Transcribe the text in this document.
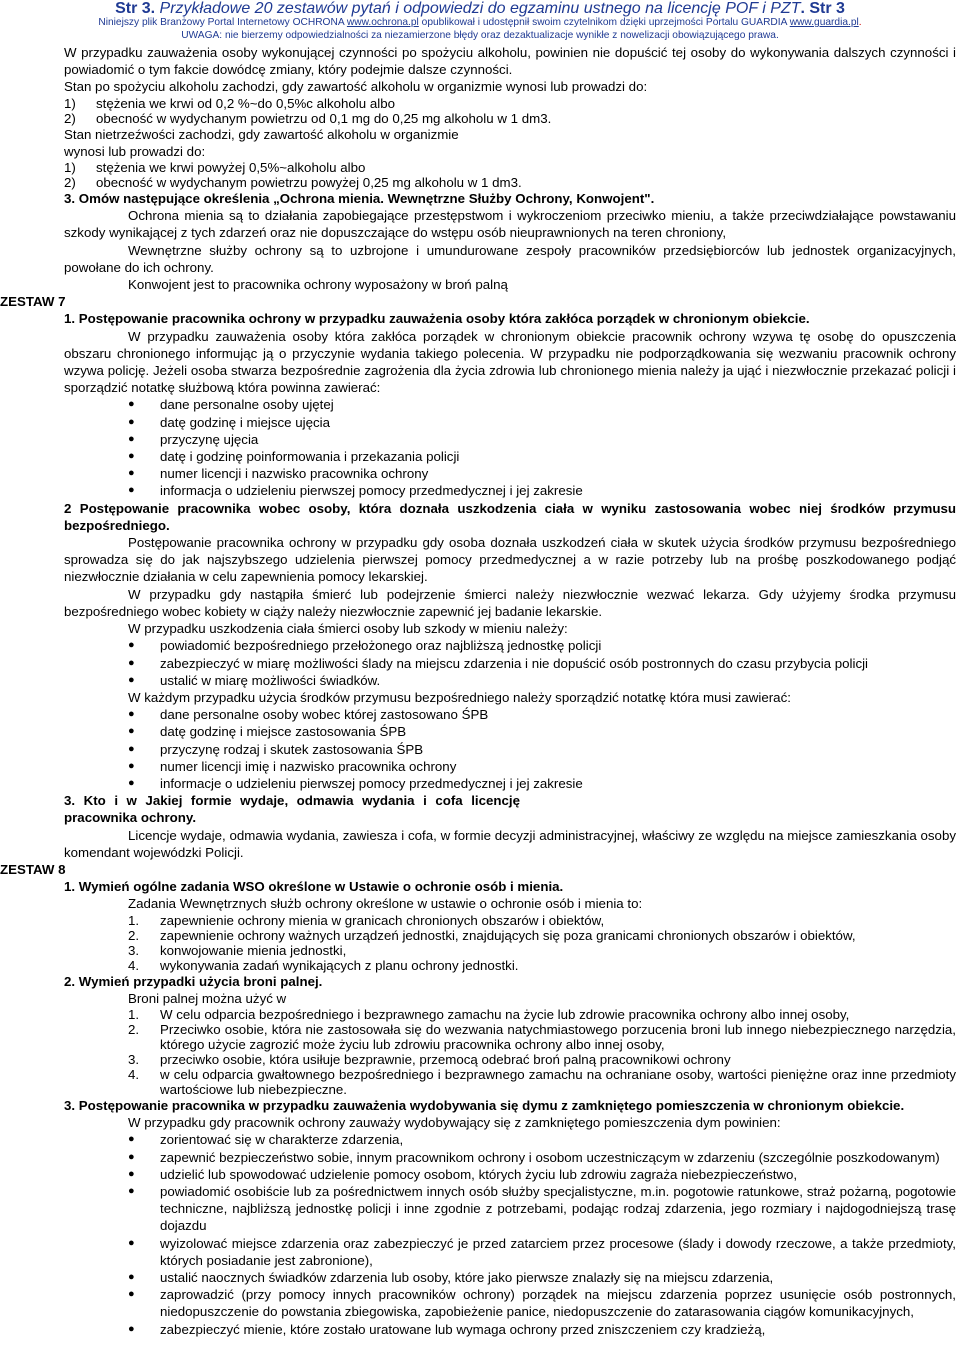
Str 3. Przykładowe 20 zestawów pytań i odpowiedzi do egzaminu ustnego na licencję POF i PZT. Str 3
Niniejszy plik Branżowy Portal Internetowy OCHRONA www.ochrona.pl opublikował i udostępnił swoim czytelnikom dzięki uprzejmości Portalu GUARDIA www.guardia.pl.
UWAGA: nie bierzemy odpowiedzialności za niezamierzone błędy oraz dezaktualizacje wynikłe z nowelizacji obowiązującego prawa.

W przypadku zauważenia osoby wykonującej czynności po spożyciu alkoholu, powinien nie dopuścić tej osoby do wykonywania dalszych czynności i powiadomić o tym fakcie dowódcę zmiany, który podejmie dalsze czynności.

Stan po spożyciu alkoholu zachodzi, gdy zawartość alkoholu w organizmie wynosi lub prowadzi do:

1)	stężenia we krwi od 0,2 %~do 0,5%c alkoholu albo
2)	obecność w wydychanym powietrzu od 0,1 mg do 0,25 mg alkoholu w 1 dm3.

Stan nietrzeźwości zachodzi, gdy zawartość alkoholu w organizmie

wynosi lub prowadzi do:

1)	stężenia we krwi powyżej 0,5%~alkoholu albo
2)	obecność w wydychanym powietrzu powyżej 0,25 mg alkoholu w 1 dm3.

3. Omów następujące określenia „Ochrona mienia. Wewnętrzne Służby Ochrony, Konwojent".

Ochrona mienia są to działania zapobiegające przestępstwom i wykroczeniom przeciwko mieniu, a także przeciwdziałające powstawaniu szkody wynikającej z tych zdarzeń oraz nie dopuszczające do wstępu osób nieuprawnionych na teren chroniony,

Wewnętrzne służby ochrony są to uzbrojone i umundurowane zespoły pracowników przedsiębiorców lub jednostek organizacyjnych, powołane do ich ochrony.

Konwojent jest to pracownika ochrony wyposażony w broń palną

ZESTAW 7

1. Postępowanie pracownika ochrony w przypadku zauważenia osoby która zakłóca porządek w chronionym obiekcie.

W przypadku zauważenia osoby która zakłóca porządek w chronionym obiekcie pracownik ochrony wzywa tę osobę do opuszczenia obszaru chronionego informując ją o przyczynie wydania takiego polecenia. W przypadku nie podporządkowania się wezwaniu pracownik ochrony wzywa policję. Jeżeli osoba stwarza bezpośrednie zagrożenia dla życia zdrowia lub chronionego mienia należy ja ująć i niezwłocznie przekazać policji i sporządzić notatkę służbową która powinna zawierać:

● dane personalne osoby ujętej
● datę godzinę i miejsce ujęcia
● przyczynę ujęcia
● datę i godzinę poinformowania i przekazania policji
● numer licencji i nazwisko pracownika ochrony
● informacja o udzieleniu pierwszej pomocy przedmedycznej i jej zakresie

2 Postępowanie pracownika wobec osoby, która doznała uszkodzenia ciała w wyniku zastosowania wobec niej środków przymusu bezpośredniego.

Postępowanie pracownika ochrony w przypadku gdy osoba doznała uszkodzeń ciała w skutek użycia środków przymusu bezpośredniego sprowadza się do jak najszybszego udzielenia pierwszej pomocy przedmedycznej a w razie potrzeby lub na prośbę poszkodowanego podjąć niezwłocznie działania w celu zapewnienia pomocy lekarskiej.

W przypadku gdy nastąpiła śmierć lub podejrzenie śmierci należy niezwłocznie wezwać lekarza. Gdy użyjemy środka przymusu bezpośredniego wobec kobiety w ciąży należy niezwłocznie zapewnić jej badanie lekarskie.

W przypadku uszkodzenia ciała śmierci osoby lub szkody w mieniu należy:

● powiadomić bezpośredniego przełożonego oraz najbliższą jednostkę policji
● zabezpieczyć w miarę możliwości ślady na miejscu zdarzenia i nie dopuścić osób postronnych do czasu przybycia policji
● ustalić w miarę możliwości świadków.

W każdym przypadku użycia środków przymusu bezpośredniego należy sporządzić notatkę która musi zawierać:

● dane personalne osoby wobec której zastosowano ŚPB
● datę godzinę i miejsce zastosowania ŚPB
● przyczynę rodzaj i skutek zastosowania ŚPB
● numer licencji imię i nazwisko pracownika ochrony
● informacje o udzieleniu pierwszej pomocy przedmedycznej i jej zakresie

3. Kto i w Jakiej formie wydaje, odmawia wydania i cofa licencję pracownika ochrony.

Licencje wydaje, odmawia wydania, zawiesza i cofa, w formie decyzji administracyjnej, właściwy ze względu na miejsce zamieszkania osoby komendant wojewódzki Policji.

ZESTAW 8

1. Wymień ogólne zadania WSO określone w Ustawie o ochronie osób i mienia.

Zadania Wewnętrznych służb ochrony określone w ustawie o ochronie osób i mienia to:

1.	zapewnienie ochrony mienia w granicach chronionych obszarów i obiektów,
2.	zapewnienie ochrony ważnych urządzeń jednostki, znajdujących się poza granicami chronionych obszarów i obiektów,
3.	konwojowanie mienia jednostki,
4.	wykonywania zadań wynikających z planu ochrony jednostki.

2. Wymień przypadki użycia broni palnej.

Broni palnej można użyć w

1.	W celu odparcia bezpośredniego i bezprawnego zamachu na życie lub zdrowie pracownika ochrony albo innej osoby,
2.	Przeciwko osobie, która nie zastosowała się do wezwania natychmiastowego porzucenia broni lub innego niebezpiecznego narzędzia, którego użycie zagrozić może życiu lub zdrowiu pracownika ochrony albo innej osoby,
3.	przeciwko osobie, która usiłuje bezprawnie, przemocą odebrać broń palną pracownikowi ochrony
4.	w celu odparcia gwałtownego bezpośredniego i bezprawnego zamachu na ochraniane osoby, wartości pieniężne oraz inne przedmioty wartościowe lub niebezpieczne.

3. Postępowanie pracownika w przypadku zauważenia wydobywania się dymu z zamkniętego pomieszczenia w chronionym obiekcie.

W przypadku gdy pracownik ochrony zauważy wydobywający się z zamkniętego pomieszczenia dym powinien:

● zorientować się w charakterze zdarzenia,
● zapewnić bezpieczeństwo sobie, innym pracownikom ochrony i osobom uczestniczącym w zdarzeniu (szczególnie poszkodowanym)
● udzielić lub spowodować udzielenie pomocy osobom, których życiu lub zdrowiu zagraża niebezpieczeństwo,
● powiadomić osobiście lub za pośrednictwem innych osób służby specjalistyczne, m.in. pogotowie ratunkowe, straż pożarną, pogotowie techniczne, najbliższą jednostkę policji i inne zgodnie z potrzebami, podając rodzaj zdarzenia, jego rozmiary i najdogodniejszą trasę dojazdu
● wyizolować miejsce zdarzenia oraz zabezpieczyć je przed zatarciem przez procesowe (ślady i dowody rzeczowe, a także przedmioty, których posiadanie jest zabronione),
● ustalić naocznych świadków zdarzenia lub osoby, które jako pierwsze znalazły się na miejscu zdarzenia,
● zaprowadzić (przy pomocy innych pracowników ochrony) porządek na miejscu zdarzenia poprzez usunięcie osób postronnych, niedopuszczenie do powstania zbiegowiska, zapobieżenie panice, niedopuszczenie do zatarasowania ciągów komunikacyjnych,
● zabezpieczyć mienie, które zostało uratowane lub wymaga ochrony przed zniszczeniem czy kradzieżą,
